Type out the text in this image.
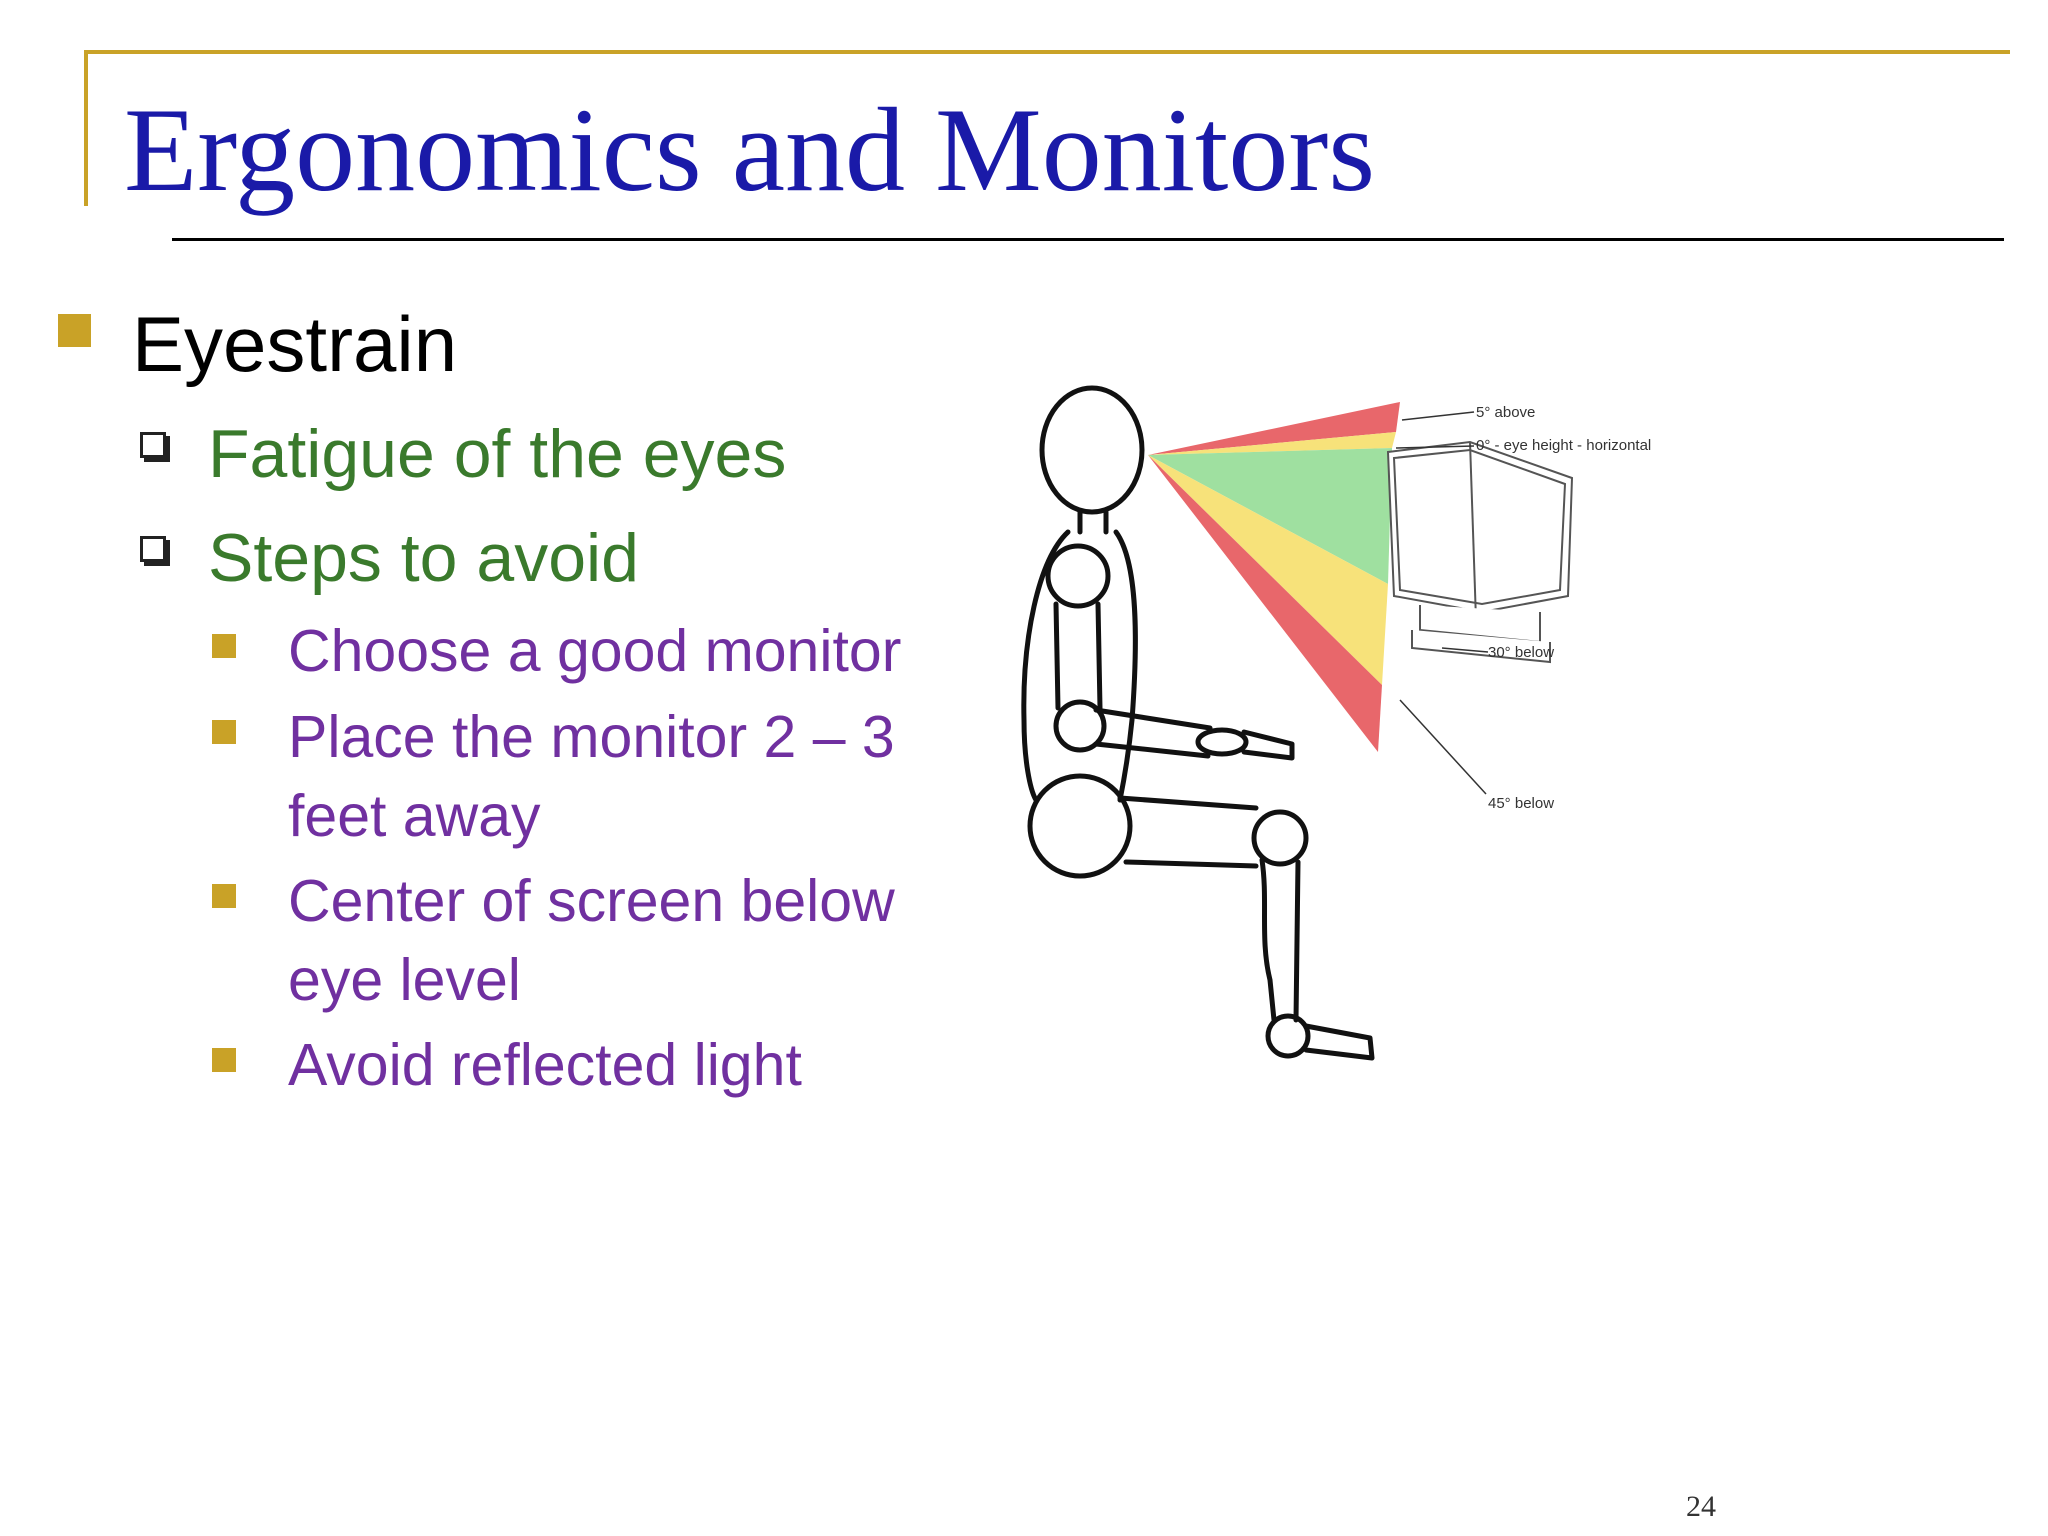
Ergonomics and Monitors
Eyestrain
Fatigue of the eyes
Steps to avoid
Choose a good monitor
Place the monitor 2 – 3 feet away
Center of screen below eye level
Avoid reflected light
5° above
0° - eye height - horizontal
30° below
45° below
24
